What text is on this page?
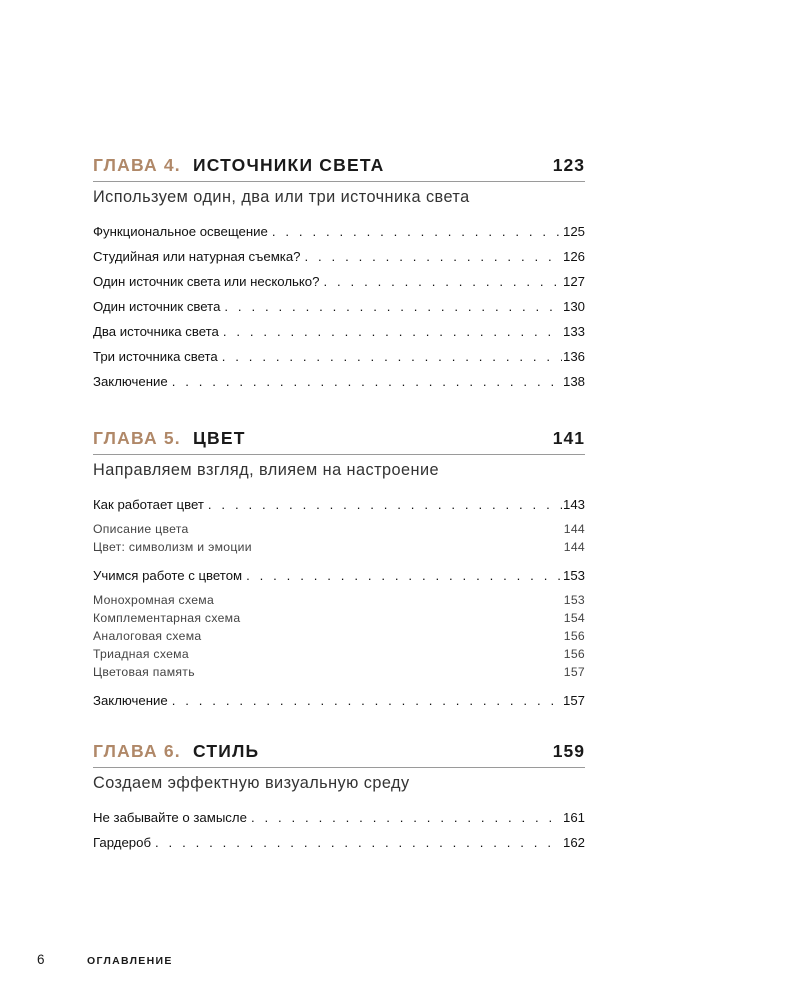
ГЛАВА 4. ИСТОЧНИКИ СВЕТА	123
Используем один, два или три источника света
Функциональное освещение . . .	125
Студийная или натурная съемка? . . .	126
Один источник света или несколько? . . .	127
Один источник света . . .	130
Два источника света . . .	133
Три источника света . . .	136
Заключение . . .	138
ГЛАВА 5. ЦВЕТ	141
Направляем взгляд, влияем на настроение
Как работает цвет . . .	143
Описание цвета	144
Цвет: символизм и эмоции	144
Учимся работе с цветом . . .	153
Монохромная схема	153
Комплементарная схема	154
Аналоговая схема	156
Триадная схема	156
Цветовая память	157
Заключение . . .	157
ГЛАВА 6. СТИЛЬ	159
Создаем эффектную визуальную среду
Не забывайте о замысле . . .	161
Гардероб . . .	162
6	ОГЛАВЛЕНИЕ
